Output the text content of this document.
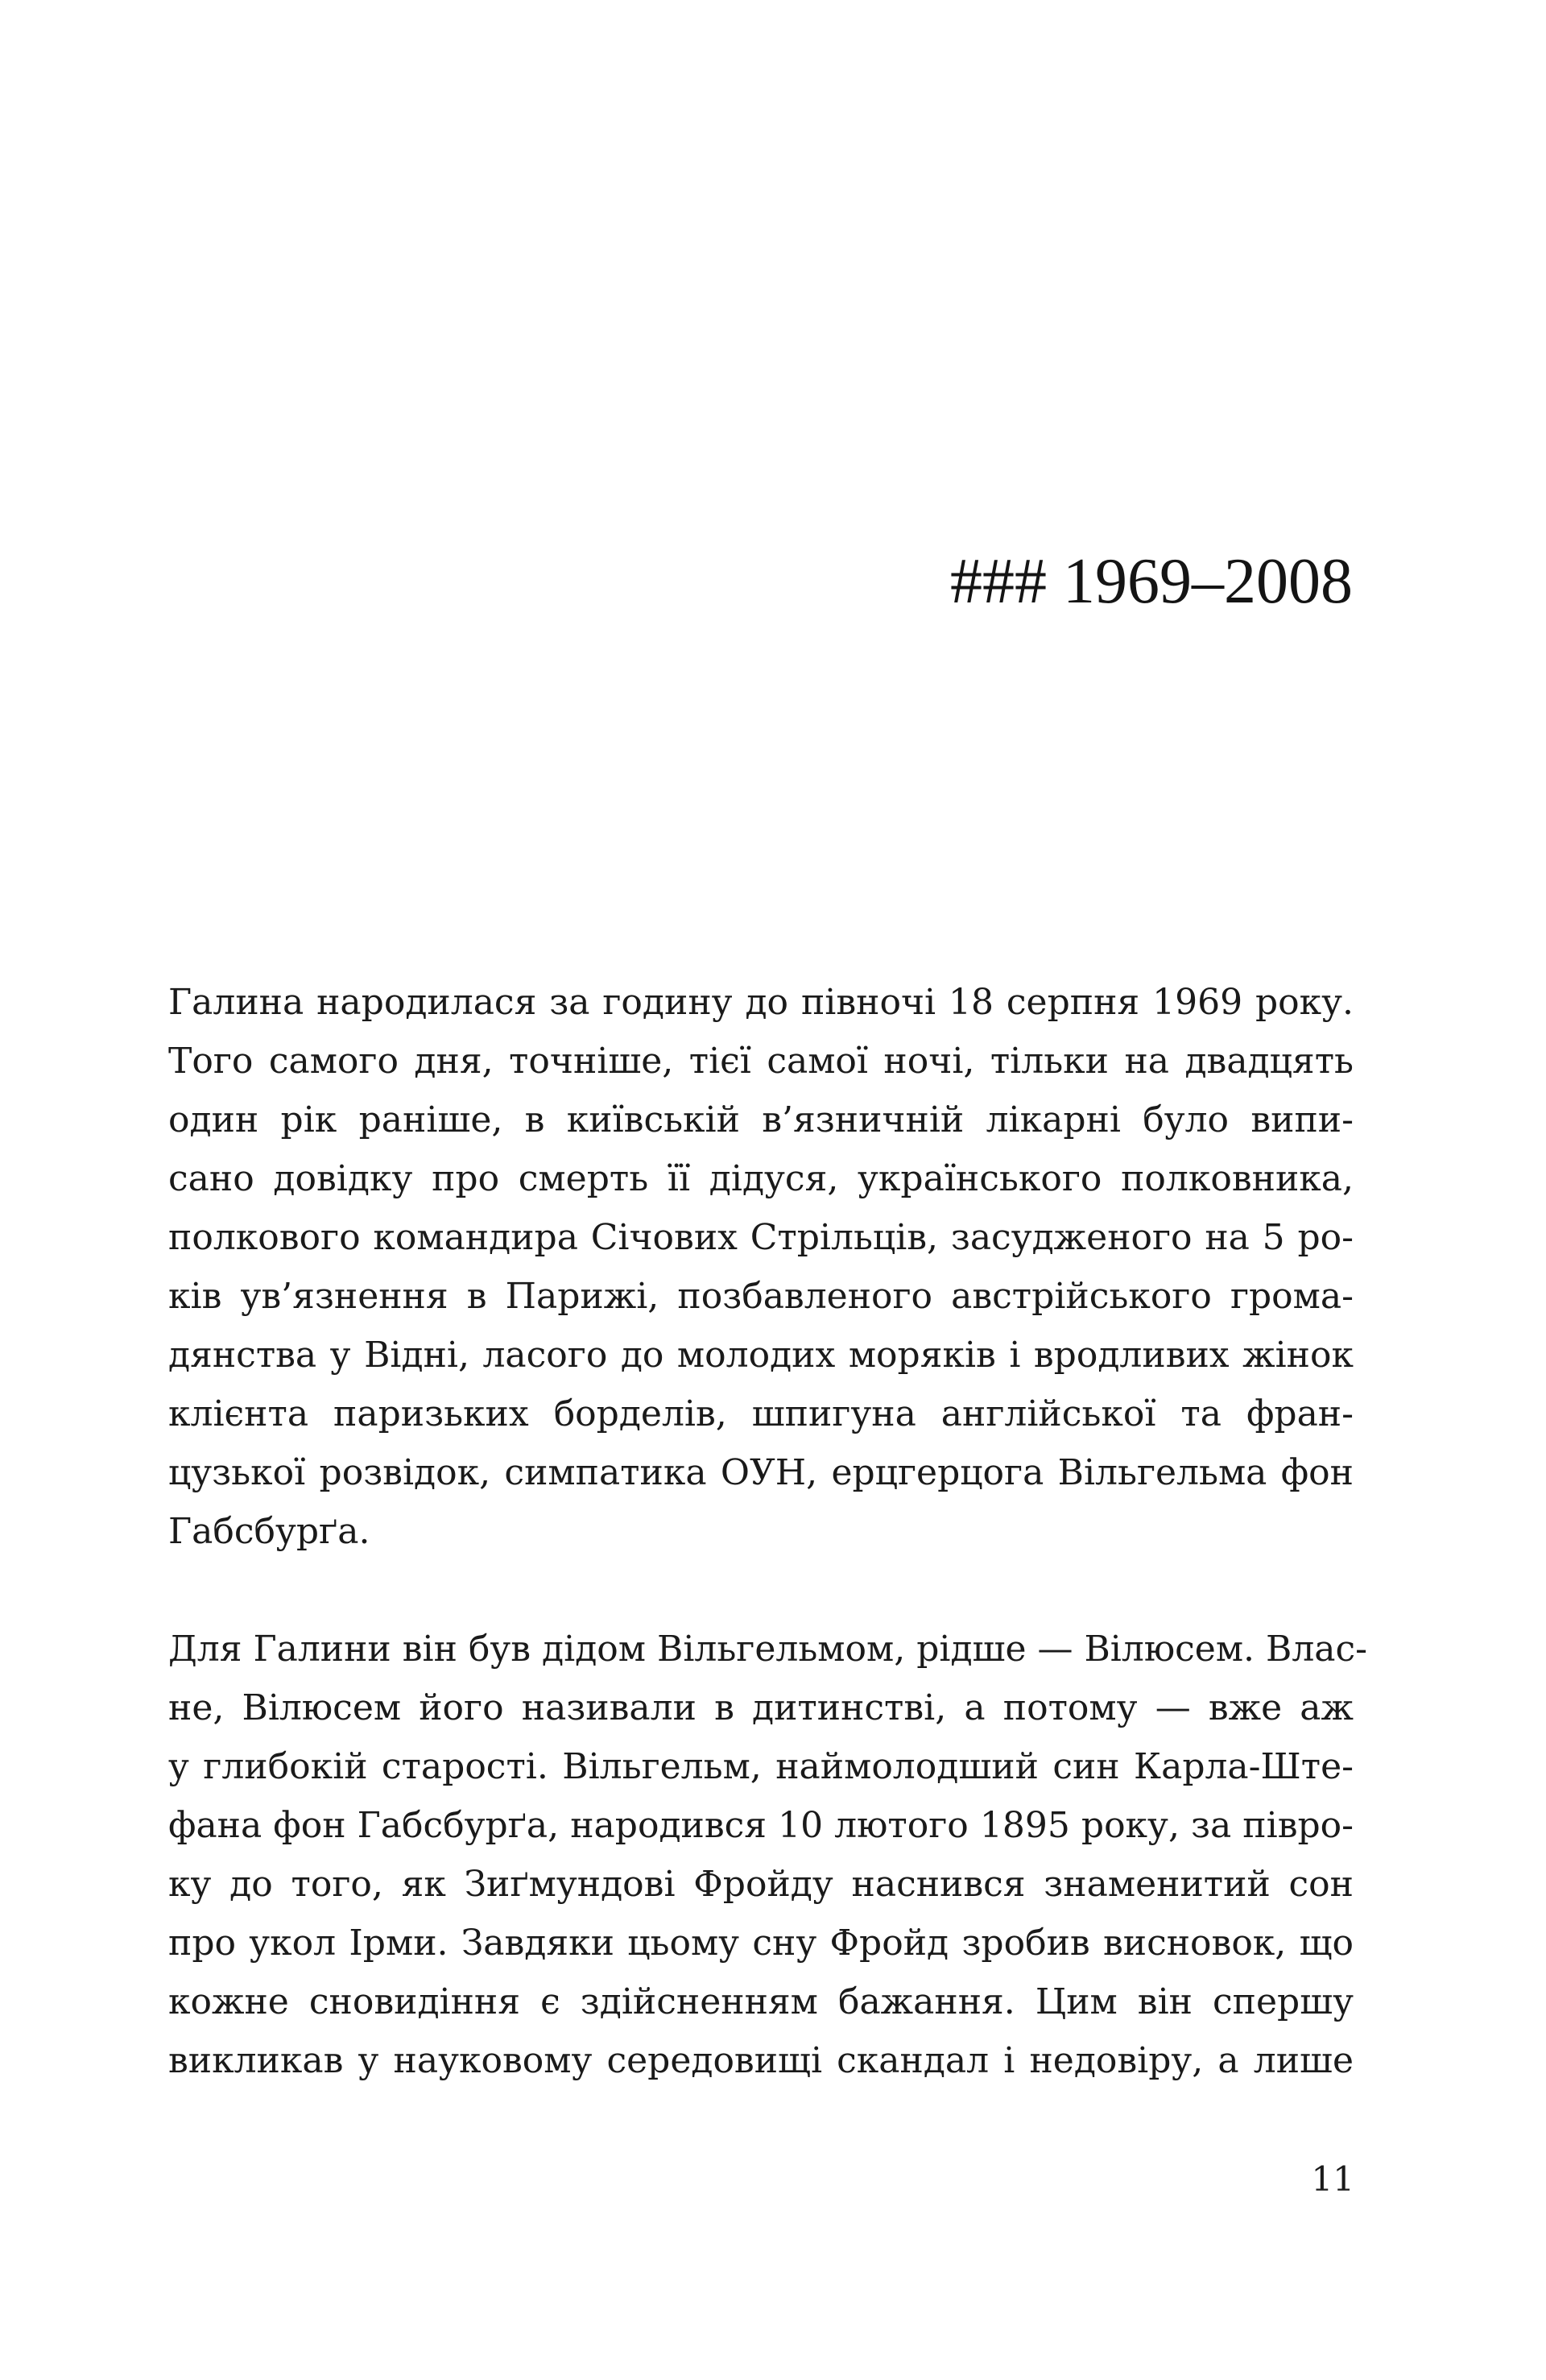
### 1969–2008

Галина народилася за годину до півночі 18 серпня 1969 року.
Того самого дня, точніше, тієї самої ночі, тільки на двадцять
один рік раніше, в київській в’язничній лікарні було випи-
сано довідку про смерть її дідуся, українського полковника,
полкового командира Січових Стрільців, засудженого на 5 ро-
ків ув’язнення в Парижі, позбавленого австрійського грома-
дянства у Відні, ласого до молодих моряків і вродливих жінок
клієнта паризьких борделів, шпигуна англійської та фран-
цузької розвідок, симпатика ОУН, ерцгерцога Вільгельма фон
Габсбурґа.

Для Галини він був дідом Вільгельмом, рідше — Вілюсем. Влас-
не, Вілюсем його називали в дитинстві, а потому — вже аж
у глибокій старості. Вільгельм, наймолодший син Карла-Ште-
фана фон Габсбурґа, народився 10 лютого 1895 року, за півро-
ку до того, як Зиґмундові Фройду наснився знаменитий сон
про укол Ірми. Завдяки цьому сну Фройд зробив висновок, що
кожне сновидіння є здійсненням бажання. Цим він спершу
викликав у науковому середовищі скандал і недовіру, а лише

11
